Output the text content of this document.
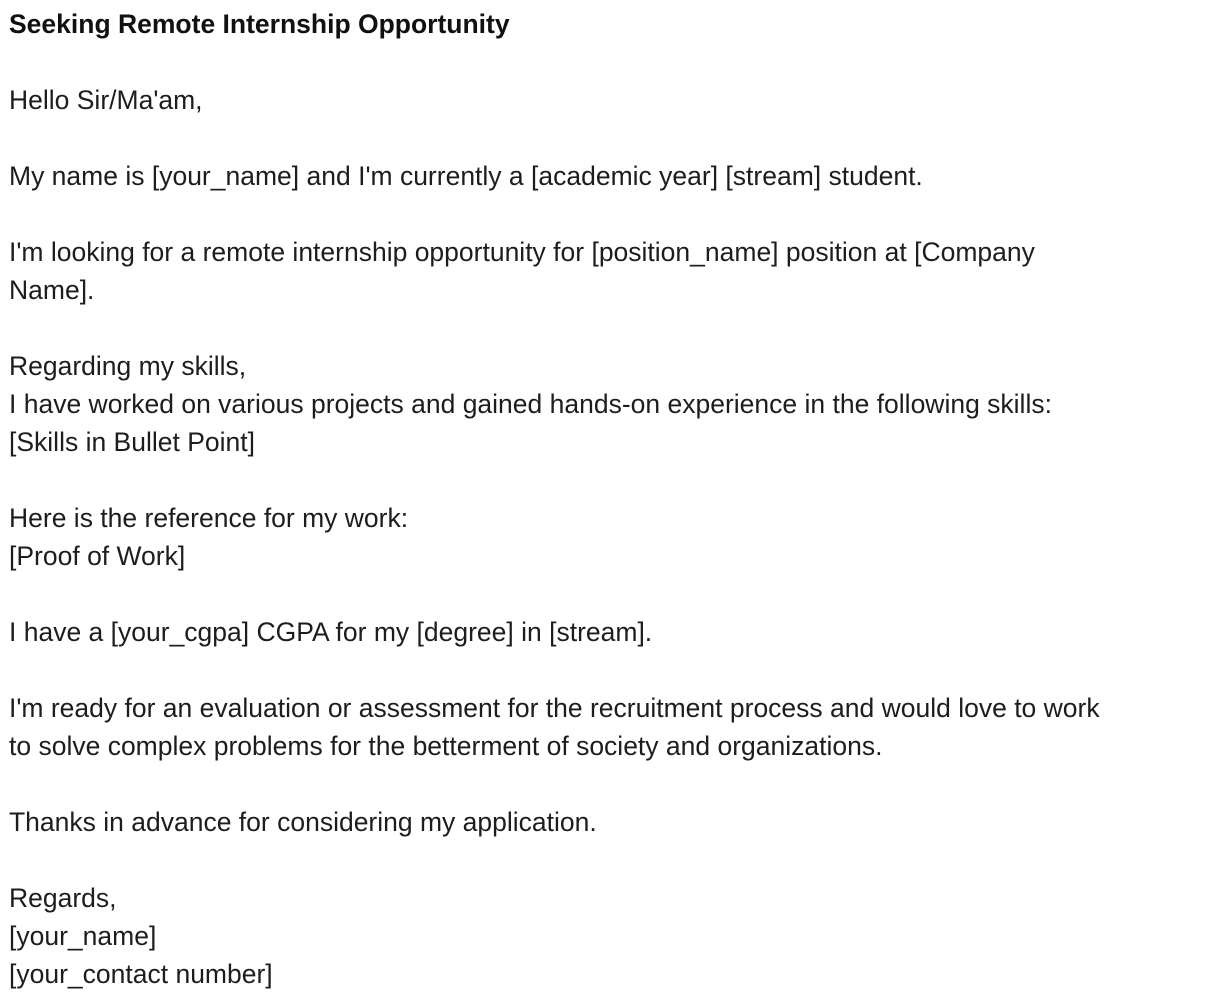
Seeking Remote Internship Opportunity
Hello Sir/Ma'am,
My name is [your_name] and I'm currently a [academic year] [stream] student.
I'm looking for a remote internship opportunity for [position_name] position at [Company
Name].
Regarding my skills,
I have worked on various projects and gained hands-on experience in the following skills:
[Skills in Bullet Point]
Here is the reference for my work:
[Proof of Work]
I have a [your_cgpa] CGPA for my [degree] in [stream].
I'm ready for an evaluation or assessment for the recruitment process and would love to work
to solve complex problems for the betterment of society and organizations.
Thanks in advance for considering my application.
Regards,
[your_name]
[your_contact number]
